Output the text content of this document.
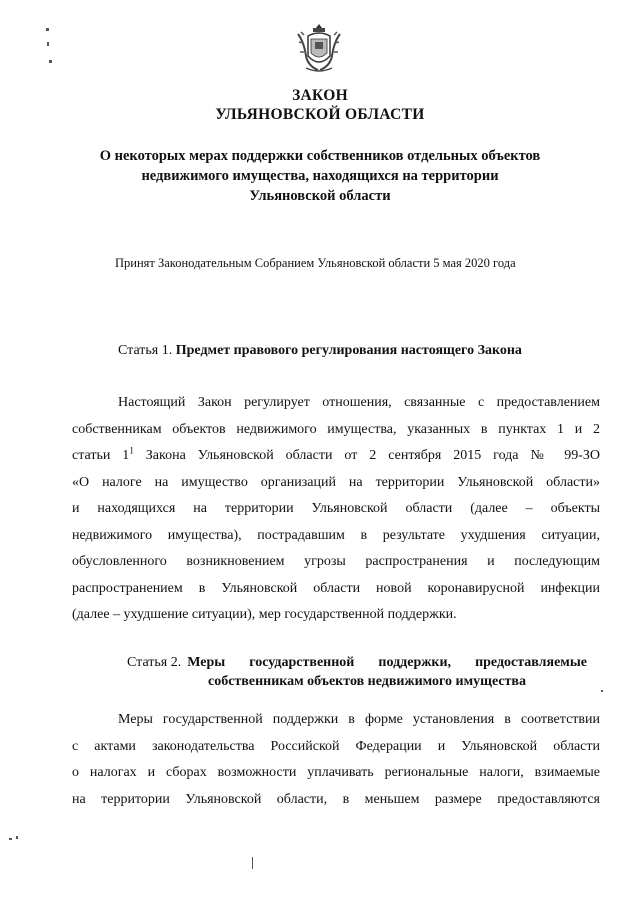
ЗАКОН
УЛЬЯНОВСКОЙ ОБЛАСТИ
О некоторых мерах поддержки собственников отдельных объектов
недвижимого имущества, находящихся на территории
Ульяновской области
Принят Законодательным Собранием Ульяновской области 5 мая 2020 года
Статья 1. Предмет правового регулирования настоящего Закона
Настоящий Закон регулирует отношения, связанные с предоставлением
собственникам объектов недвижимого имущества, указанных в пунктах 1 и 2
статьи $1^1$ Закона Ульяновской области от 2 сентября 2015 года № 99-ЗО
«О налоге на имущество организаций на территории Ульяновской области»
и находящихся на территории Ульяновской области (далее – объекты
недвижимого имущества), пострадавшим в результате ухудшения ситуации,
обусловленного возникновением угрозы распространения и последующим
распространением в Ульяновской области новой коронавирусной инфекции
(далее – ухудшение ситуации), мер государственной поддержки.
Статья 2. Меры государственной поддержки, предоставляемые
собственникам объектов недвижимого имущества
Меры государственной поддержки в форме установления в соответствии
с актами законодательства Российской Федерации и Ульяновской области
о налогах и сборах возможности уплачивать региональные налоги, взимаемые
на территории Ульяновской области, в меньшем размере предоставляются
